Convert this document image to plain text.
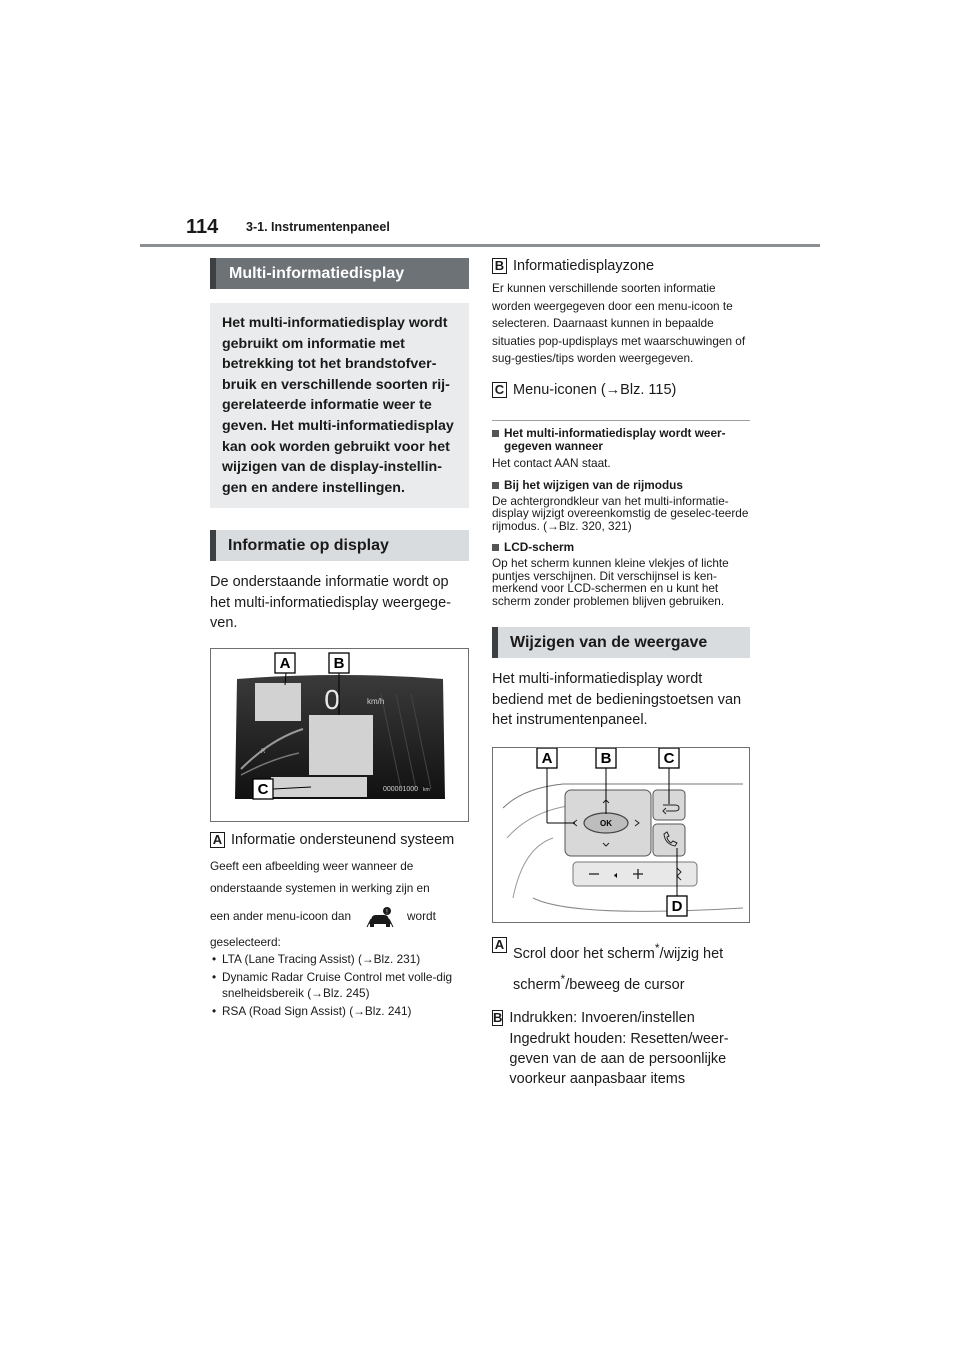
114 3-1. Instrumentenpaneel
Multi-informatiedisplay
Het multi-informatiedisplay wordt gebruikt om informatie met betrekking tot het brandstofver-bruik en verschillende soorten rij-gerelateerde informatie weer te geven. Het multi-informatiedisplay kan ook worden gebruikt voor het wijzigen van de display-instellin-gen en andere instellingen.
Informatie op display
De onderstaande informatie wordt op het multi-informatiedisplay weergege-ven.
0	km/h
R
000001000 km
A	B
C
A Informatie ondersteunend systeem
Geeft een afbeelding weer wanneer de
onderstaande systemen in werking zijn en
een ander menu-icoon dan	! wordt
geselecteerd:
• LTA (Lane Tracing Assist) (→Blz. 231)
• Dynamic Radar Cruise Control met volle-dig snelheidsbereik (→Blz. 245)
• RSA (Road Sign Assist) (→Blz. 241)
B Informatiedisplayzone
Er kunnen verschillende soorten informatie worden weergegeven door een menu-icoon te selecteren. Daarnaast kunnen in bepaalde situaties pop-updisplays met waarschuwingen of sug-gesties/tips worden weergegeven.
C Menu-iconen (→Blz. 115)
Het multi-informatiedisplay wordt weer-gegeven wanneer
Het contact AAN staat.
Bij het wijzigen van de rijmodus
De achtergrondkleur van het multi-informatie-display wijzigt overeenkomstig de geselec-teerde rijmodus. (→Blz. 320, 321)
LCD-scherm
Op het scherm kunnen kleine vlekjes of lichte puntjes verschijnen. Dit verschijnsel is ken-merkend voor LCD-schermen en u kunt het scherm zonder problemen blijven gebruiken.
Wijzigen van de weergave
Het multi-informatiedisplay wordt bediend met de bedieningstoetsen van het instrumentenpaneel.
OK
🔈︎
A	B	C
D
A
Scrol door het scherm*/wijzig het
scherm*/beweeg de cursor
B Indrukken: Invoeren/instellen
Ingedrukt houden: Resetten/weer-geven van de aan de persoonlijke voorkeur aanpasbaar items
